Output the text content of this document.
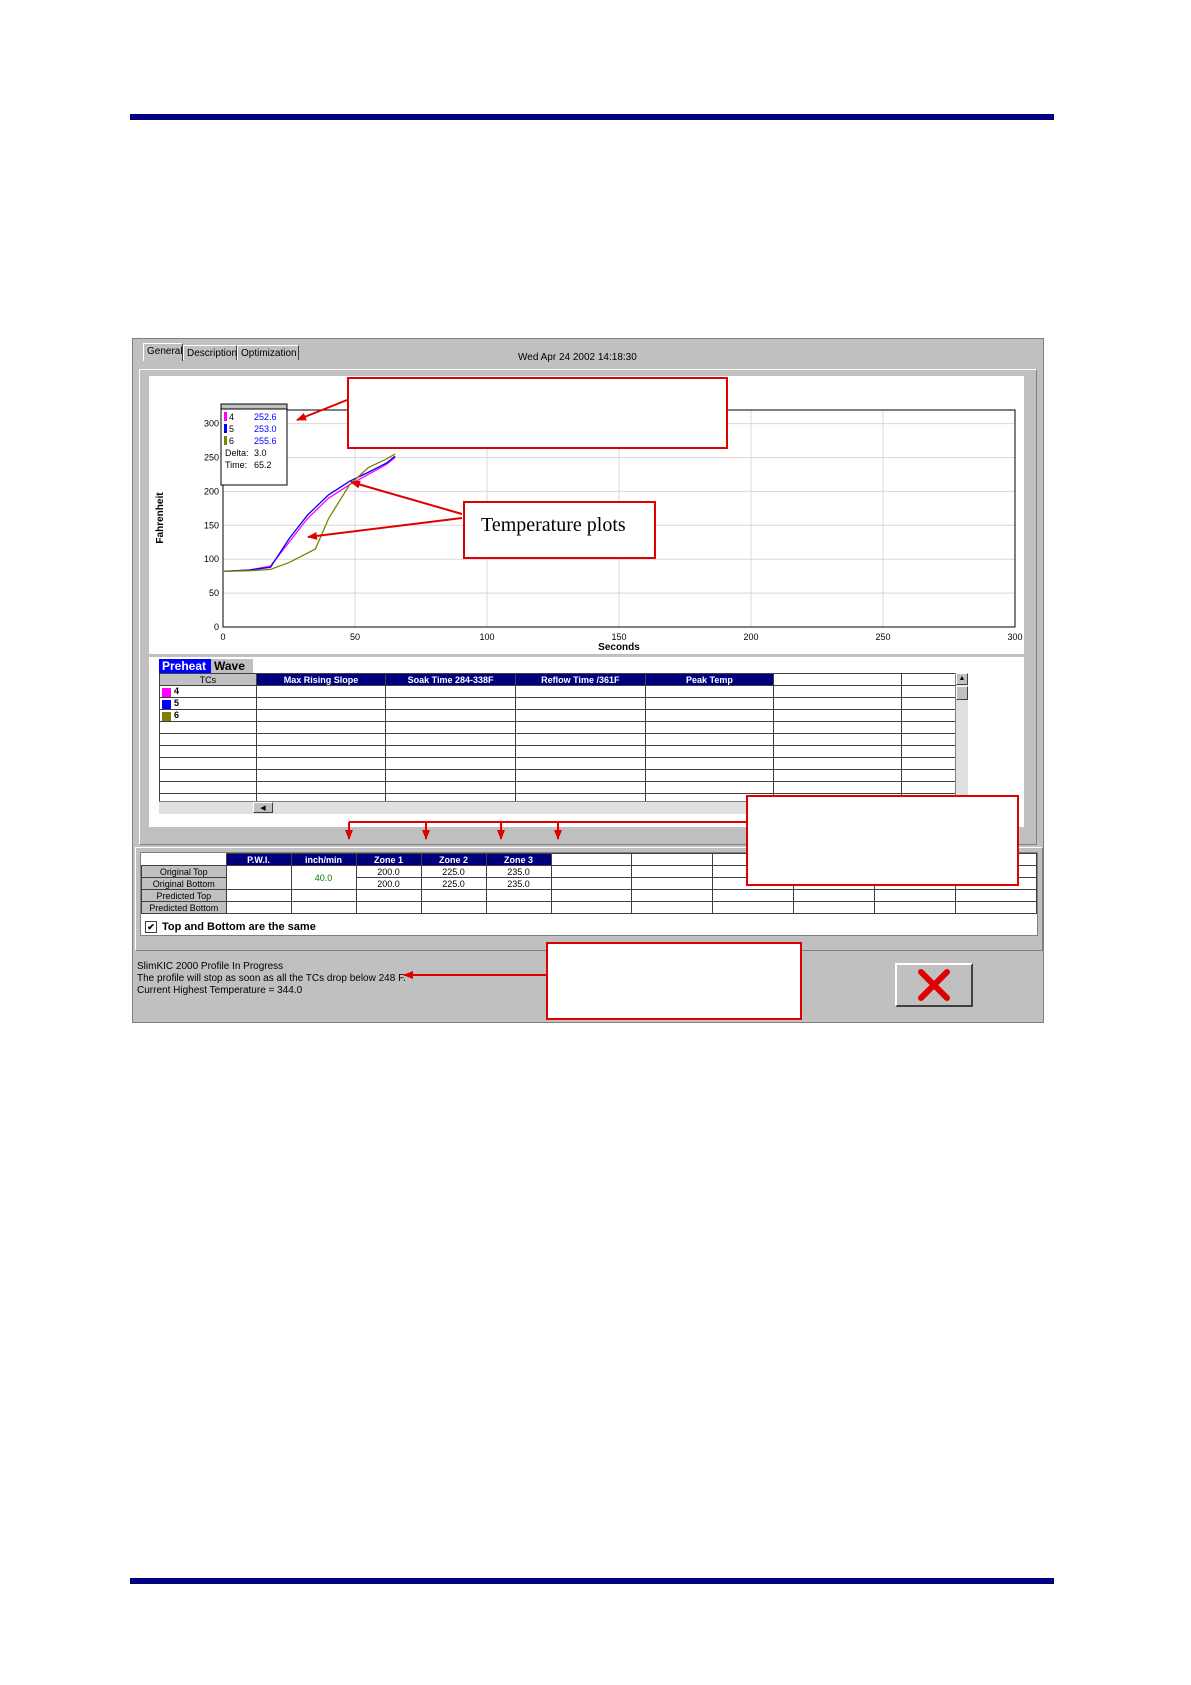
General Description Optimization	Wed Apr 24 2002 14:18:30
0
50
100
150
200
250
300
0	50	100	150	200	250	300
Seconds
Fahrenheit
4 252.6
5 253.0
6 255.6
Delta: 3.0
Time: 65.2
Preheat Wave
TCs	Max Rising Slope	Soak Time 284-338F	Reflow Time /361F	Peak Temp		
4						
5						
6						

▲
◀
	P.W.I.	inch/min	Zone 1	Zone 2	Zone 3						
Original Top		40.0	200.0	225.0	235.0						
Original Bottom			200.0	225.0	235.0						
Predicted Top											
Predicted Bottom											
✔ Top and Bottom are the same
SlimKIC 2000 Profile In Progress
The profile will stop as soon as all the TCs drop below 248 F.
Current Highest Temperature = 344.0
Temperature plots
